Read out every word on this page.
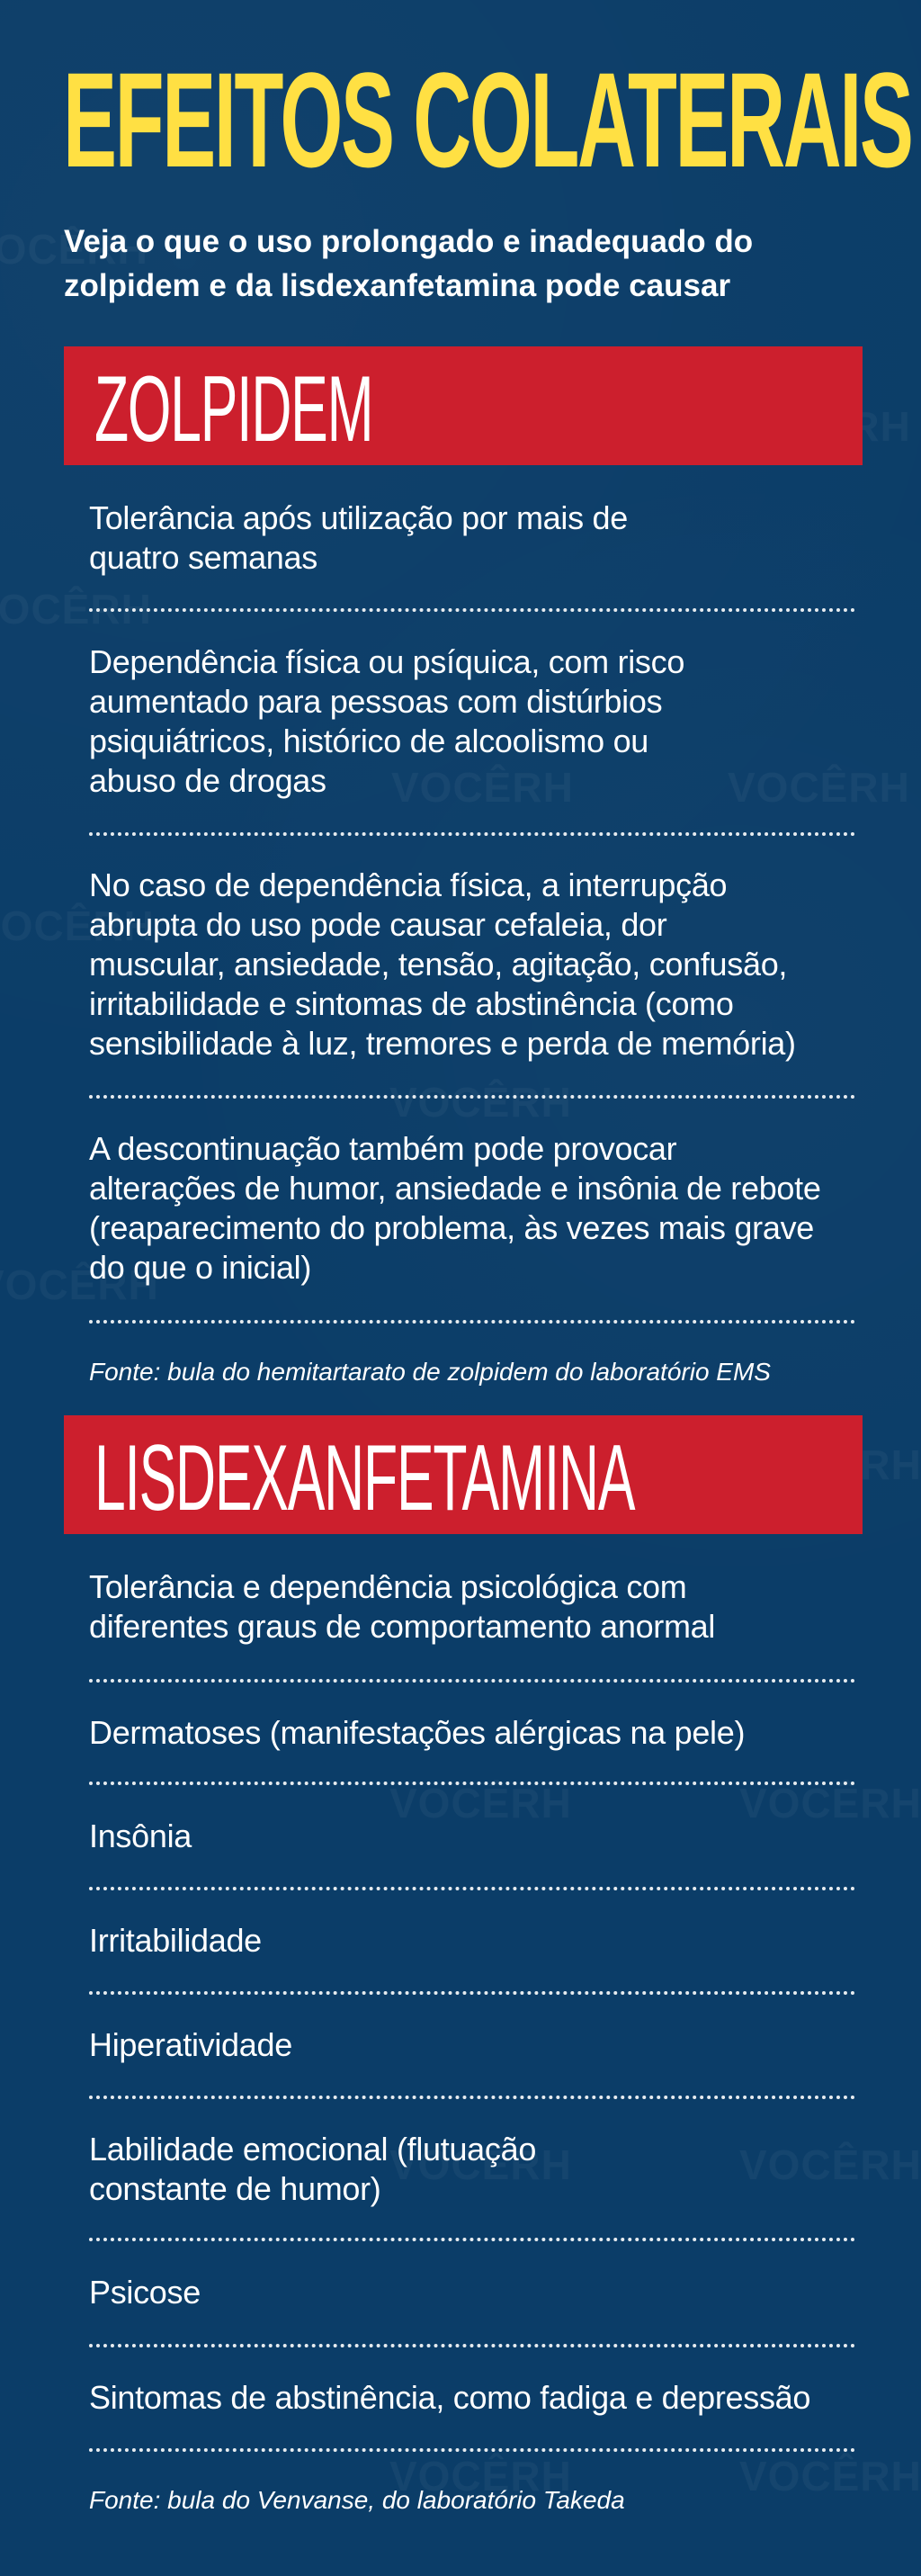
EFEITOS COLATERAIS

Veja o que o uso prolongado e inadequado do zolpidem e da lisdexanfetamina pode causar

ZOLPIDEM

Tolerância após utilização por mais de
quatro semanas

Dependência física ou psíquica, com risco
aumentado para pessoas com distúrbios
psiquiátricos, histórico de alcoolismo ou
abuso de drogas

No caso de dependência física, a interrupção
abrupta do uso pode causar cefaleia, dor
muscular, ansiedade, tensão, agitação, confusão,
irritabilidade e sintomas de abstinência (como
sensibilidade à luz, tremores e perda de memória)

A descontinuação também pode provocar
alterações de humor, ansiedade e insônia de rebote
(reaparecimento do problema, às vezes mais grave
do que o inicial)

Fonte: bula do hemitartarato de zolpidem do laboratório EMS

LISDEXANFETAMINA

Tolerância e dependência psicológica com
diferentes graus de comportamento anormal

Dermatoses (manifestações alérgicas na pele)

Insônia

Irritabilidade

Hiperatividade

Labilidade emocional (flutuação
constante de humor)

Psicose

Sintomas de abstinência, como fadiga e depressão

Fonte: bula do Venvanse, do laboratório Takeda
